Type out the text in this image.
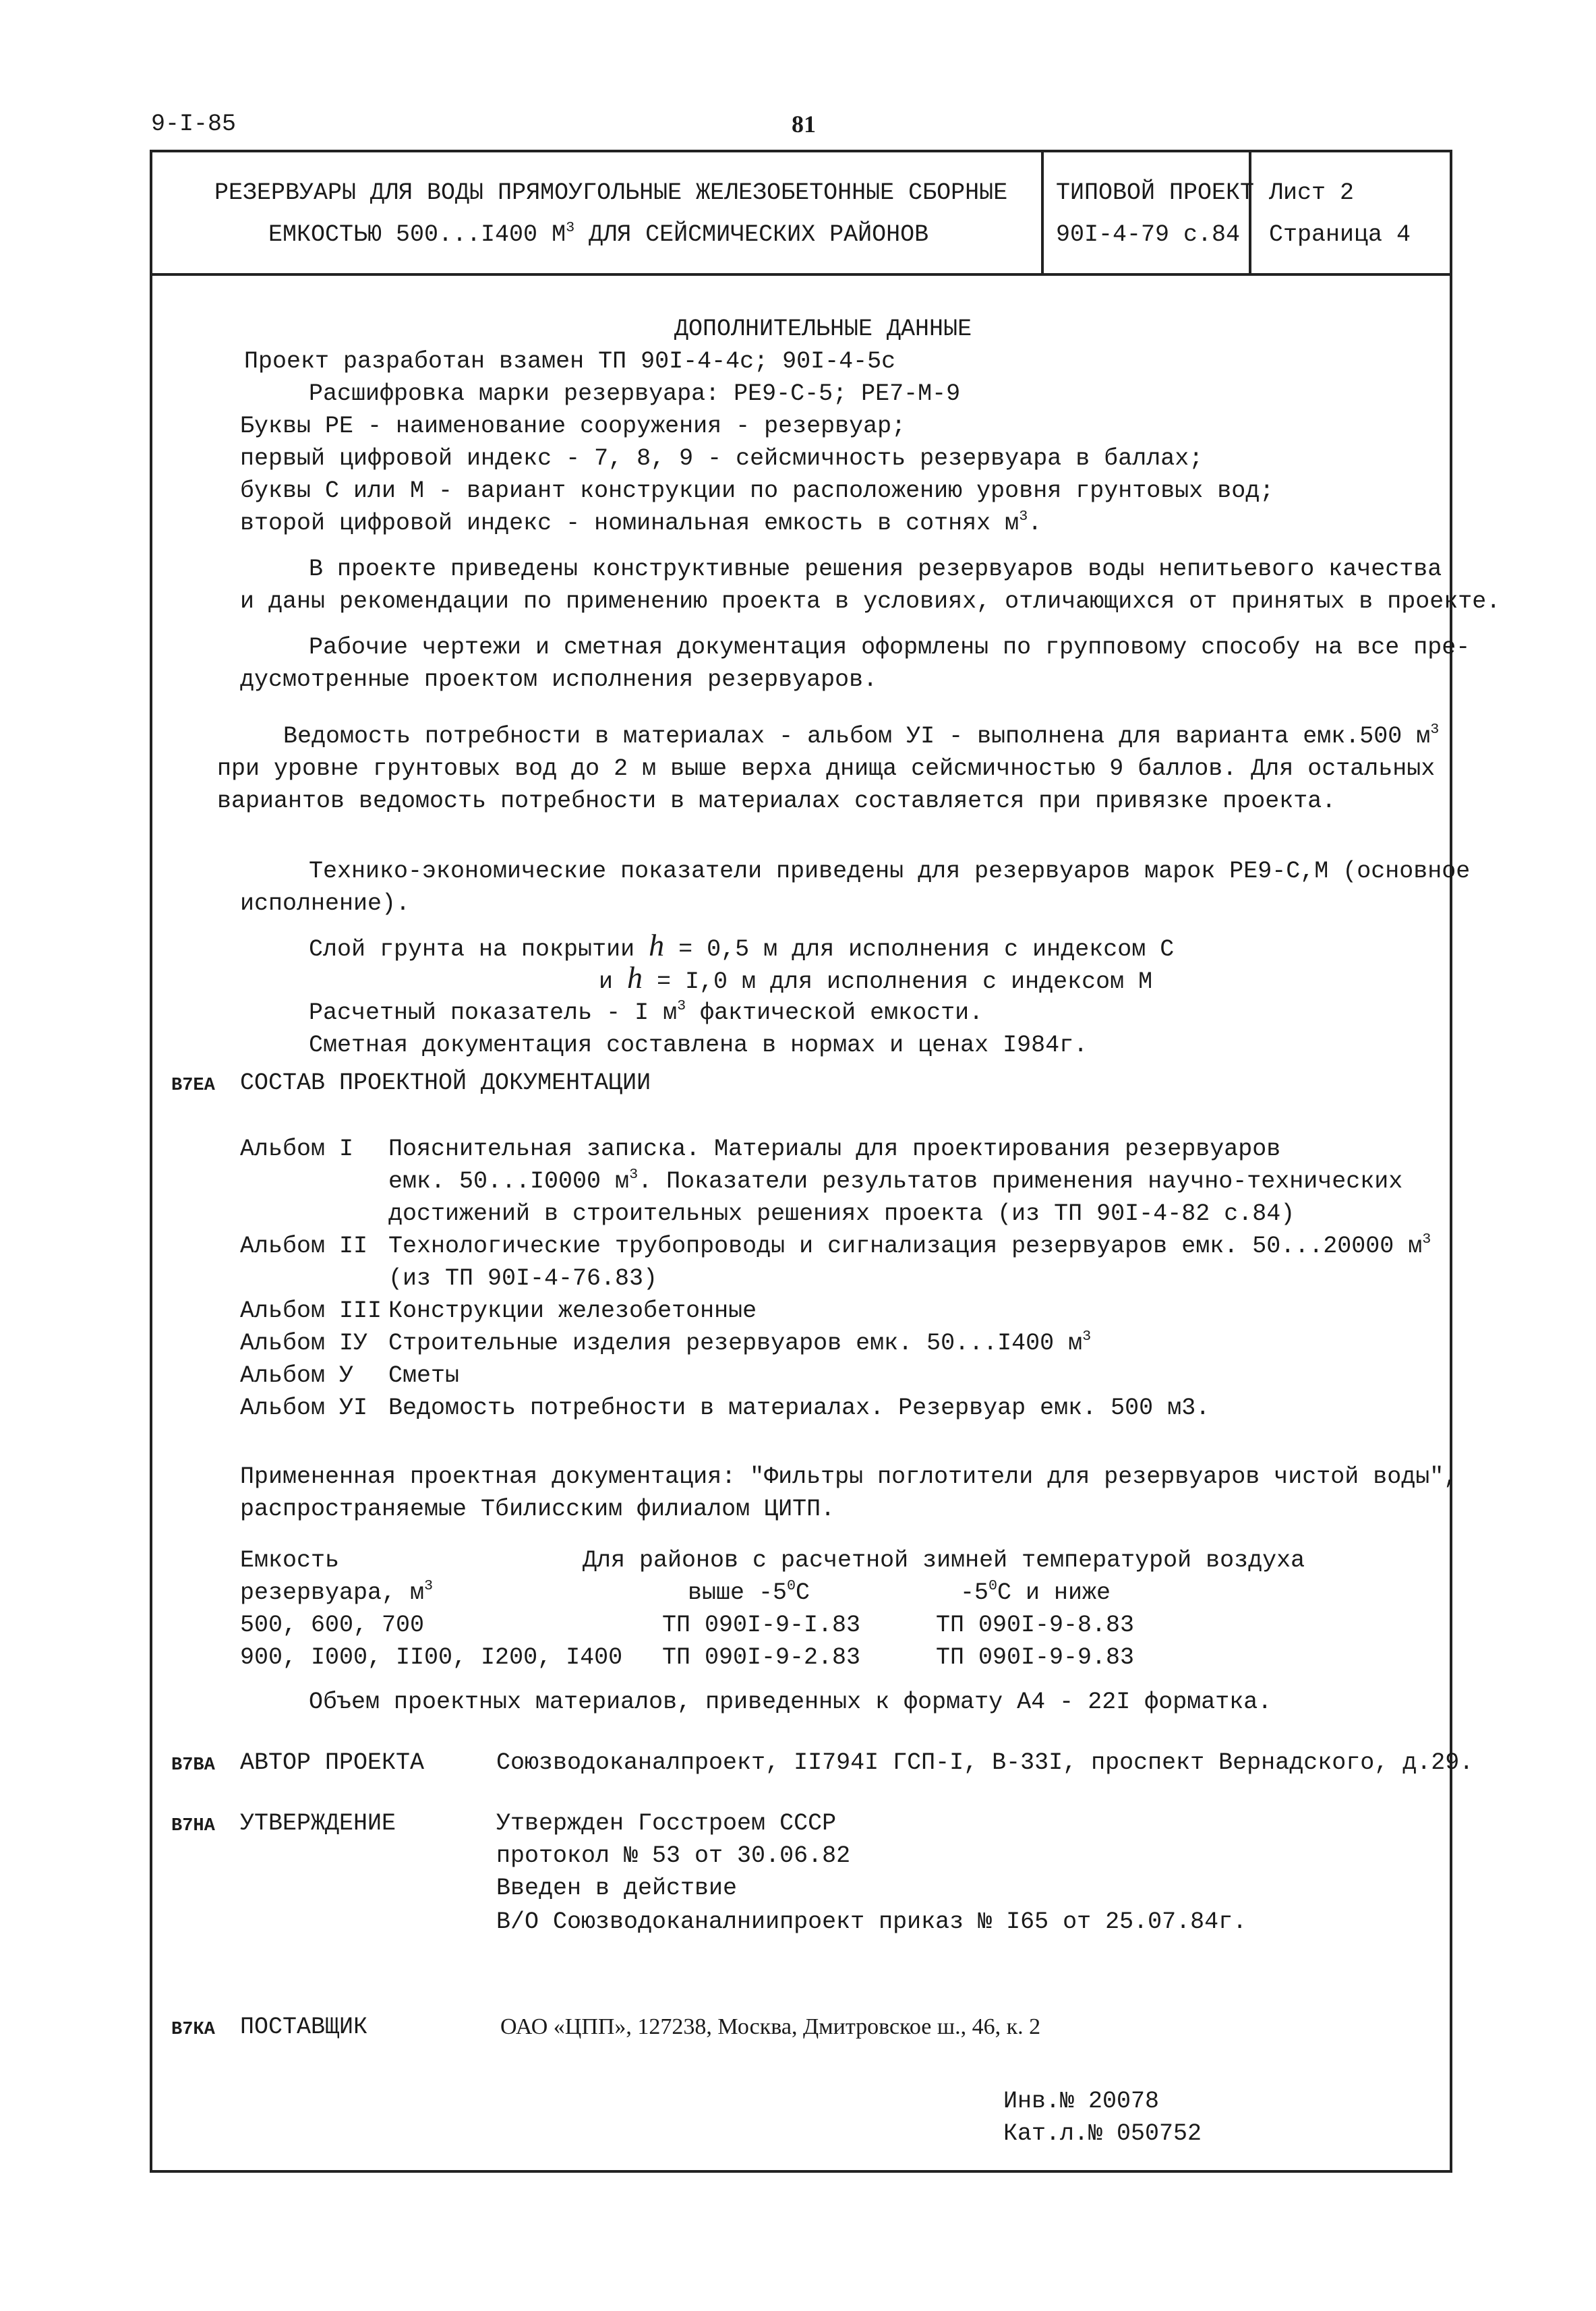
9-I-85	81
РЕЗЕРВУАРЫ ДЛЯ ВОДЫ ПРЯМОУГОЛЬНЫЕ ЖЕЛЕЗОБЕТОННЫЕ СБОРНЫЕ
ЕМКОСТЬЮ 500...I400 $М^3$ ДЛЯ СЕЙСМИЧЕСКИХ РАЙОНОВ
ТИПОВОЙ ПРОЕКТ
90I-4-79 с.84
Лист 2
Страница 4
ДОПОЛНИТЕЛЬНЫЕ ДАННЫЕ
Проект разработан взамен ТП 90I-4-4с; 90I-4-5с
Расшифровка марки резервуара: РЕ9-С-5; РЕ7-М-9
Буквы РЕ - наименование сооружения - резервуар;
первый цифровой индекс - 7, 8, 9 - сейсмичность резервуара в баллах;
буквы С или М - вариант конструкции по расположению уровня грунтовых вод;
второй цифровой индекс - номинальная емкость в сотнях $м^3$.
В проекте приведены конструктивные решения резервуаров воды непитьевого качества
и даны рекомендации по применению проекта в условиях, отличающихся от принятых в проекте.
Рабочие чертежи и сметная документация оформлены по групповому способу на все пре-
дусмотренные проектом исполнения резервуаров.
Ведомость потребности в материалах - альбом УI - выполнена для варианта емк.500 $м^3$
при уровне грунтовых вод до 2 м выше верха днища сейсмичностью 9 баллов. Для остальных
вариантов ведомость потребности в материалах составляется при привязке проекта.
Технико-экономические показатели приведены для резервуаров марок РЕ9-С,М (основное
исполнение).
Слой грунта на покрытии h = 0,5 м для исполнения с индексом С
и h = I,0 м для исполнения с индексом М
Расчетный показатель - I $м^3$ фактической емкости.
Сметная документация составлена в нормах и ценах I984г.
В7ЕА СОСТАВ ПРОЕКТНОЙ ДОКУМЕНТАЦИИ
Альбом I Пояснительная записка. Материалы для проектирования резервуаров
емк. 50...I0000 $м^3$. Показатели результатов применения научно-технических
достижений в строительных решениях проекта (из ТП 90I-4-82 с.84)
Альбом II Технологические трубопроводы и сигнализация резервуаров емк. 50...20000 $м^3$
(из ТП 90I-4-76.83)
Альбом III Конструкции железобетонные
Альбом IУ Строительные изделия резервуаров емк. 50...I400 $м^3$
Альбом У Сметы
Альбом УI Ведомость потребности в материалах. Резервуар емк. 500 м3.
Примененная проектная документация: "Фильтры поглотители для резервуаров чистой воды",
распространяемые Тбилисским филиалом ЦИТП.
Емкость	Для районов с расчетной зимней температурой воздуха
резервуара, $м^3$	выше $-5^0С$	$-5^0С$ и ниже
500, 600, 700	ТП 090I-9-I.83	ТП 090I-9-8.83
900, I000, II00, I200, I400 ТП 090I-9-2.83	ТП 090I-9-9.83
Объем проектных материалов, приведенных к формату А4 - 22I форматка.
В7ВА АВТОР ПРОЕКТА	Союзводоканалпроект, II794I ГСП-I, В-33I, проспект Вернадского, д.29.
В7НА УТВЕРЖДЕНИЕ	Утвержден Госстроем СССР
протокол № 53 от 30.06.82
Введен в действие
В/О Союзводоканалниипроект приказ № I65 от 25.07.84г.
В7КА ПОСТАВЩИК	ОАО «ЦПП», 127238, Москва, Дмитровское ш., 46, к. 2
Инв.№ 20078
Кат.л.№ 050752
